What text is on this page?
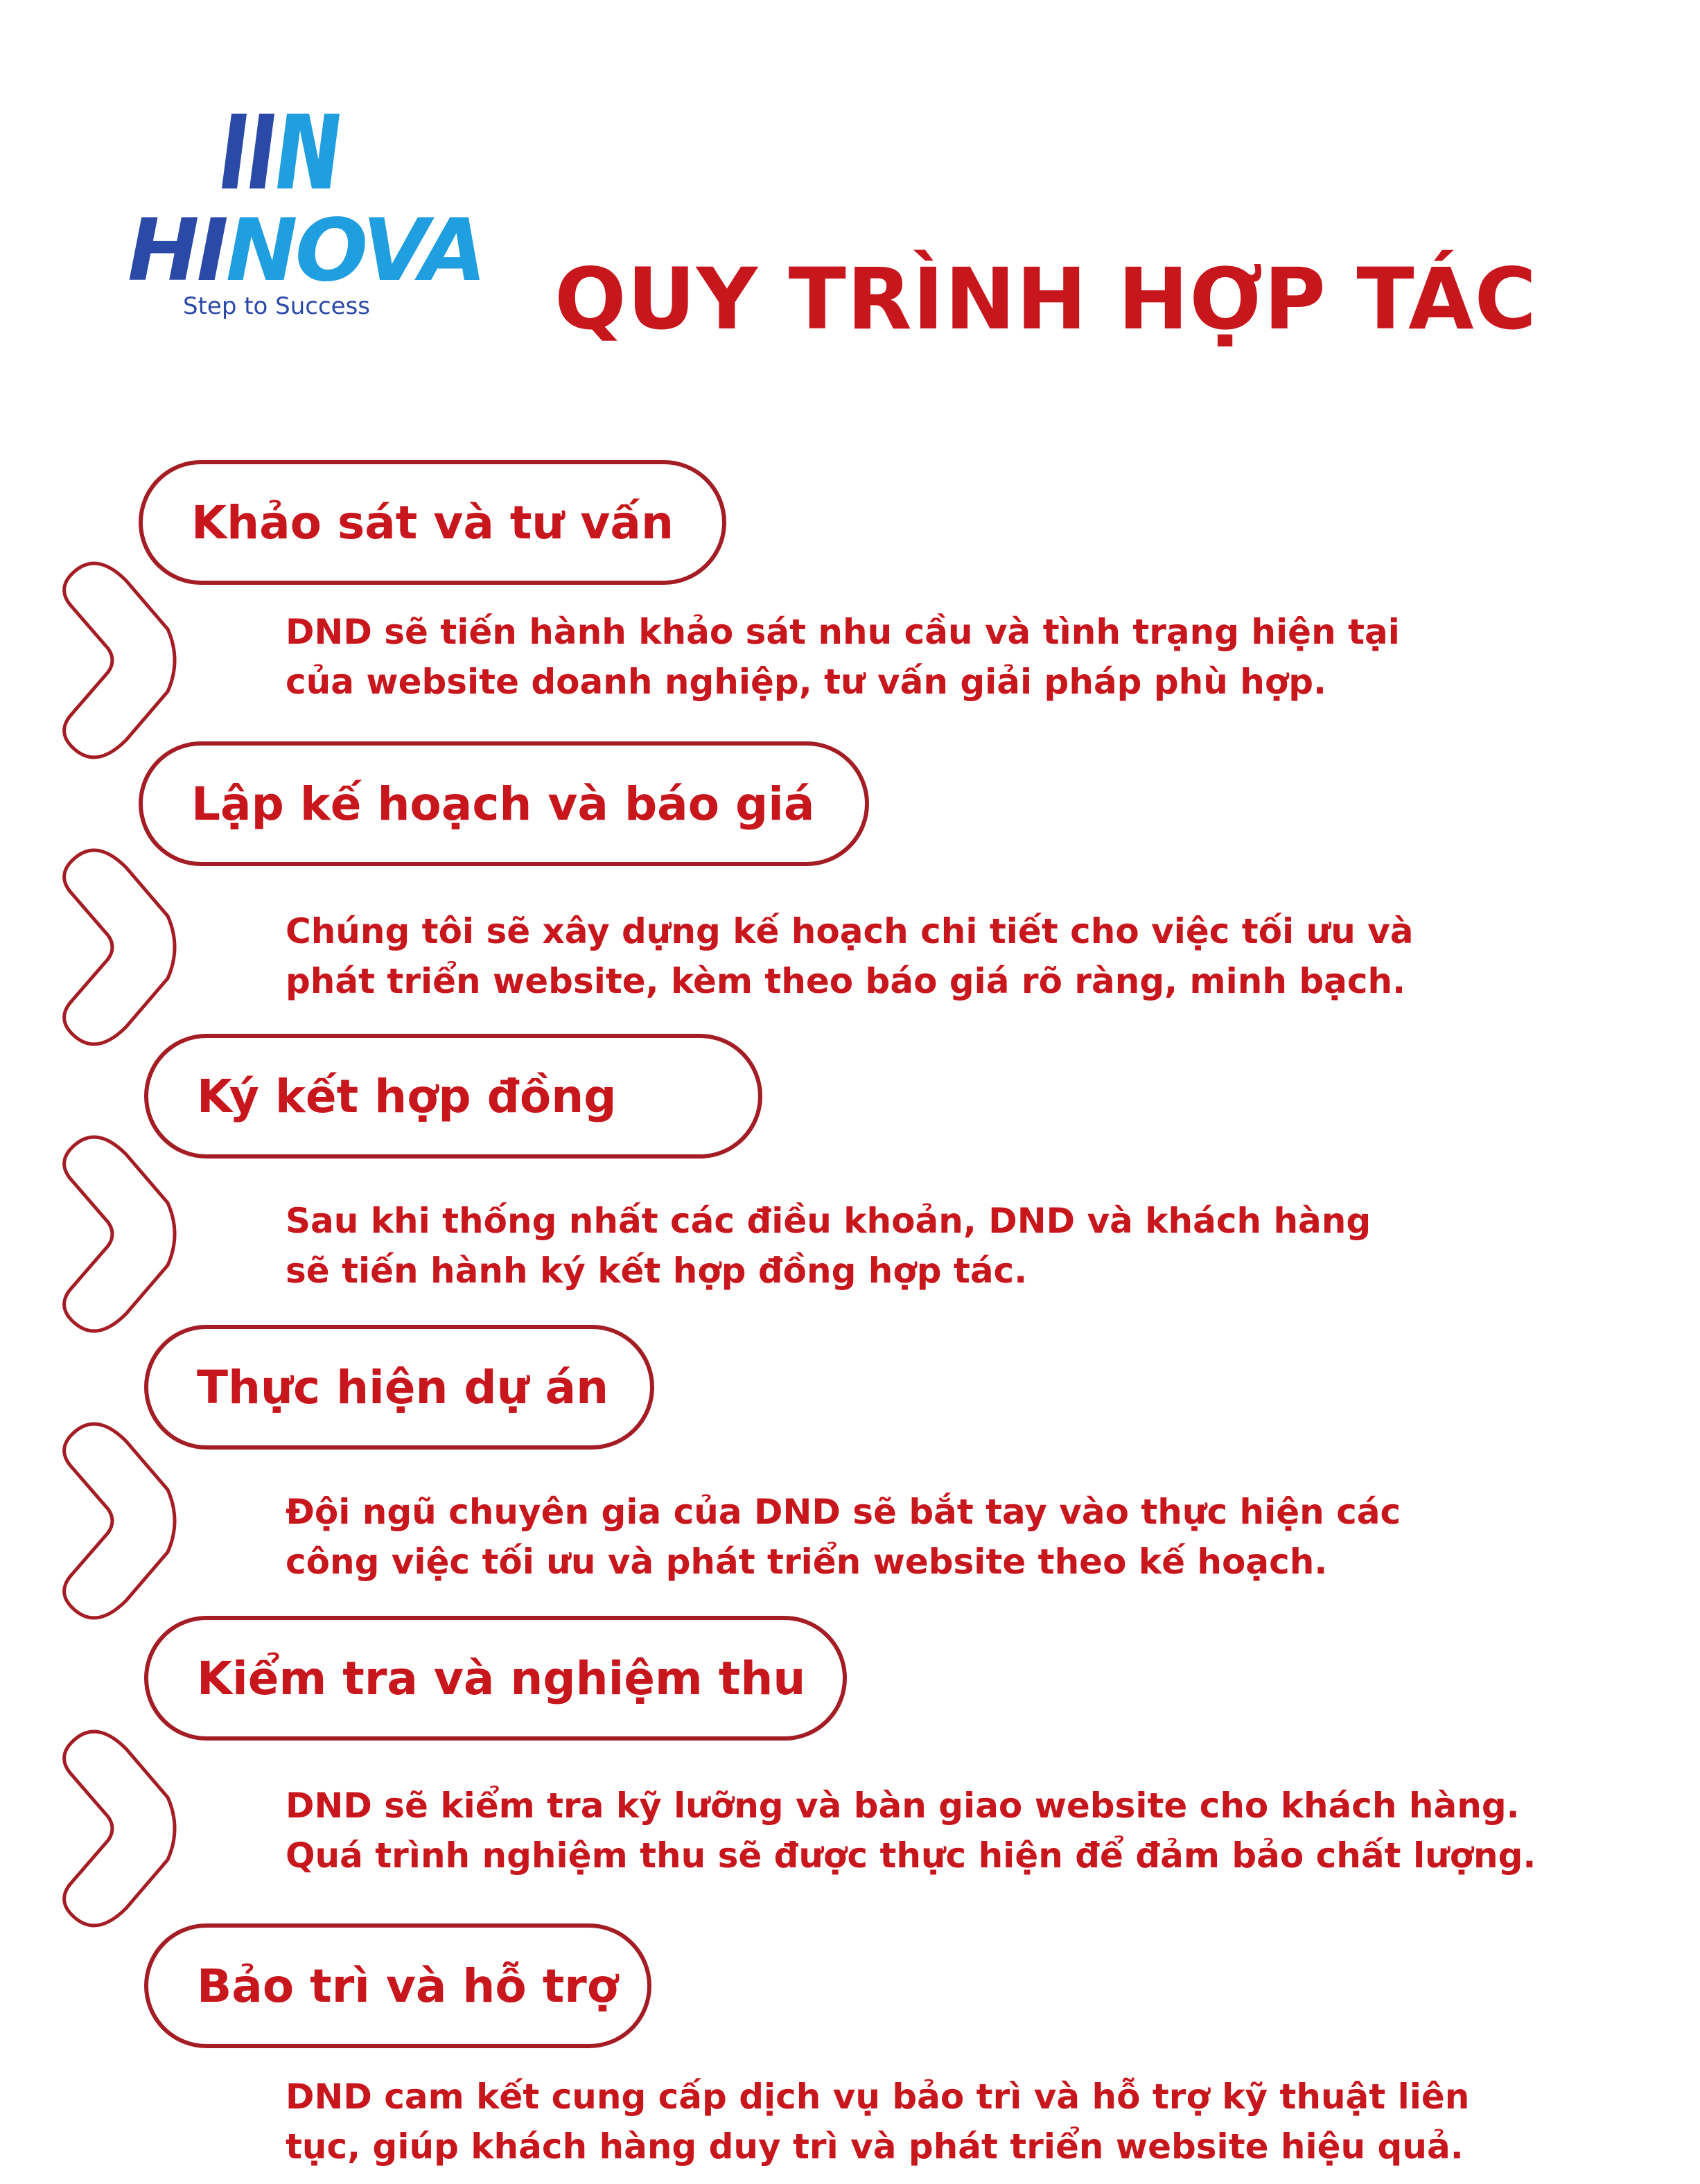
HINOVA
Step to Success QUY TRÌNH HỢP TÁC
Khảo sát và tư vấn
DND sẽ tiến hành khảo sát nhu cầu và tình trạng hiện tại
của website doanh nghiệp, tư vấn giải pháp phù hợp.
Lập kế hoạch và báo giá
Chúng tôi sẽ xây dựng kế hoạch chi tiết cho việc tối ưu và
phát triển website, kèm theo báo giá rõ ràng, minh bạch.
Ký kết hợp đồng
Sau khi thống nhất các điều khoản, DND và khách hàng
sẽ tiến hành ký kết hợp đồng hợp tác.
Thực hiện dự án
Đội ngũ chuyên gia của DND sẽ bắt tay vào thực hiện các
công việc tối ưu và phát triển website theo kế hoạch.
Kiểm tra và nghiệm thu
DND sẽ kiểm tra kỹ lưỡng và bàn giao website cho khách hàng.
Quá trình nghiệm thu sẽ được thực hiện để đảm bảo chất lượng.
Bảo trì và hỗ trợ
DND cam kết cung cấp dịch vụ bảo trì và hỗ trợ kỹ thuật liên
tục, giúp khách hàng duy trì và phát triển website hiệu quả.
